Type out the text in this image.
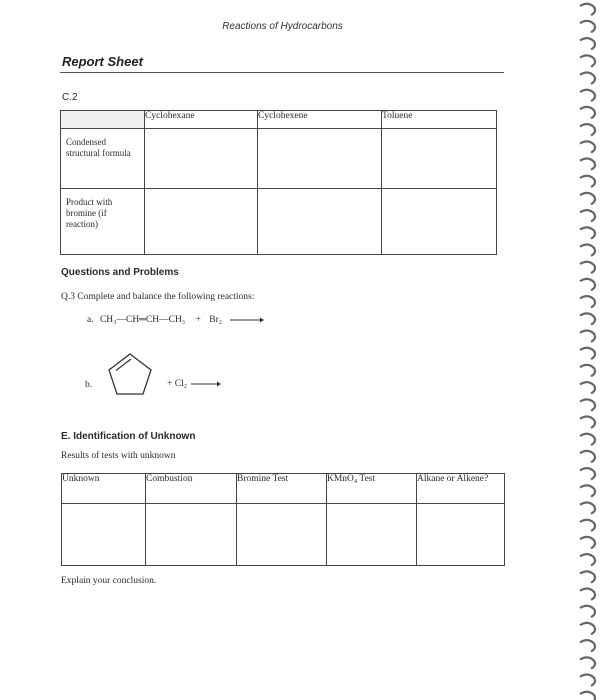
Reactions of Hydrocarbons
Report Sheet
C.2
	Cyclohexane	Cyclohexene	Toluene
Condensed structural formula			
Product with bromine (if reaction)			
Questions and Problems
Q.3 Complete and balance the following reactions:
a. CH₃—CH═CH—CH₃ + Br₂ →
b.	+ Cl₂ →
E. Identification of Unknown
Results of tests with unknown
Unknown	Combustion	Bromine Test	KMnO₄ Test	Alkane or Alkene?

Explain your conclusion.
